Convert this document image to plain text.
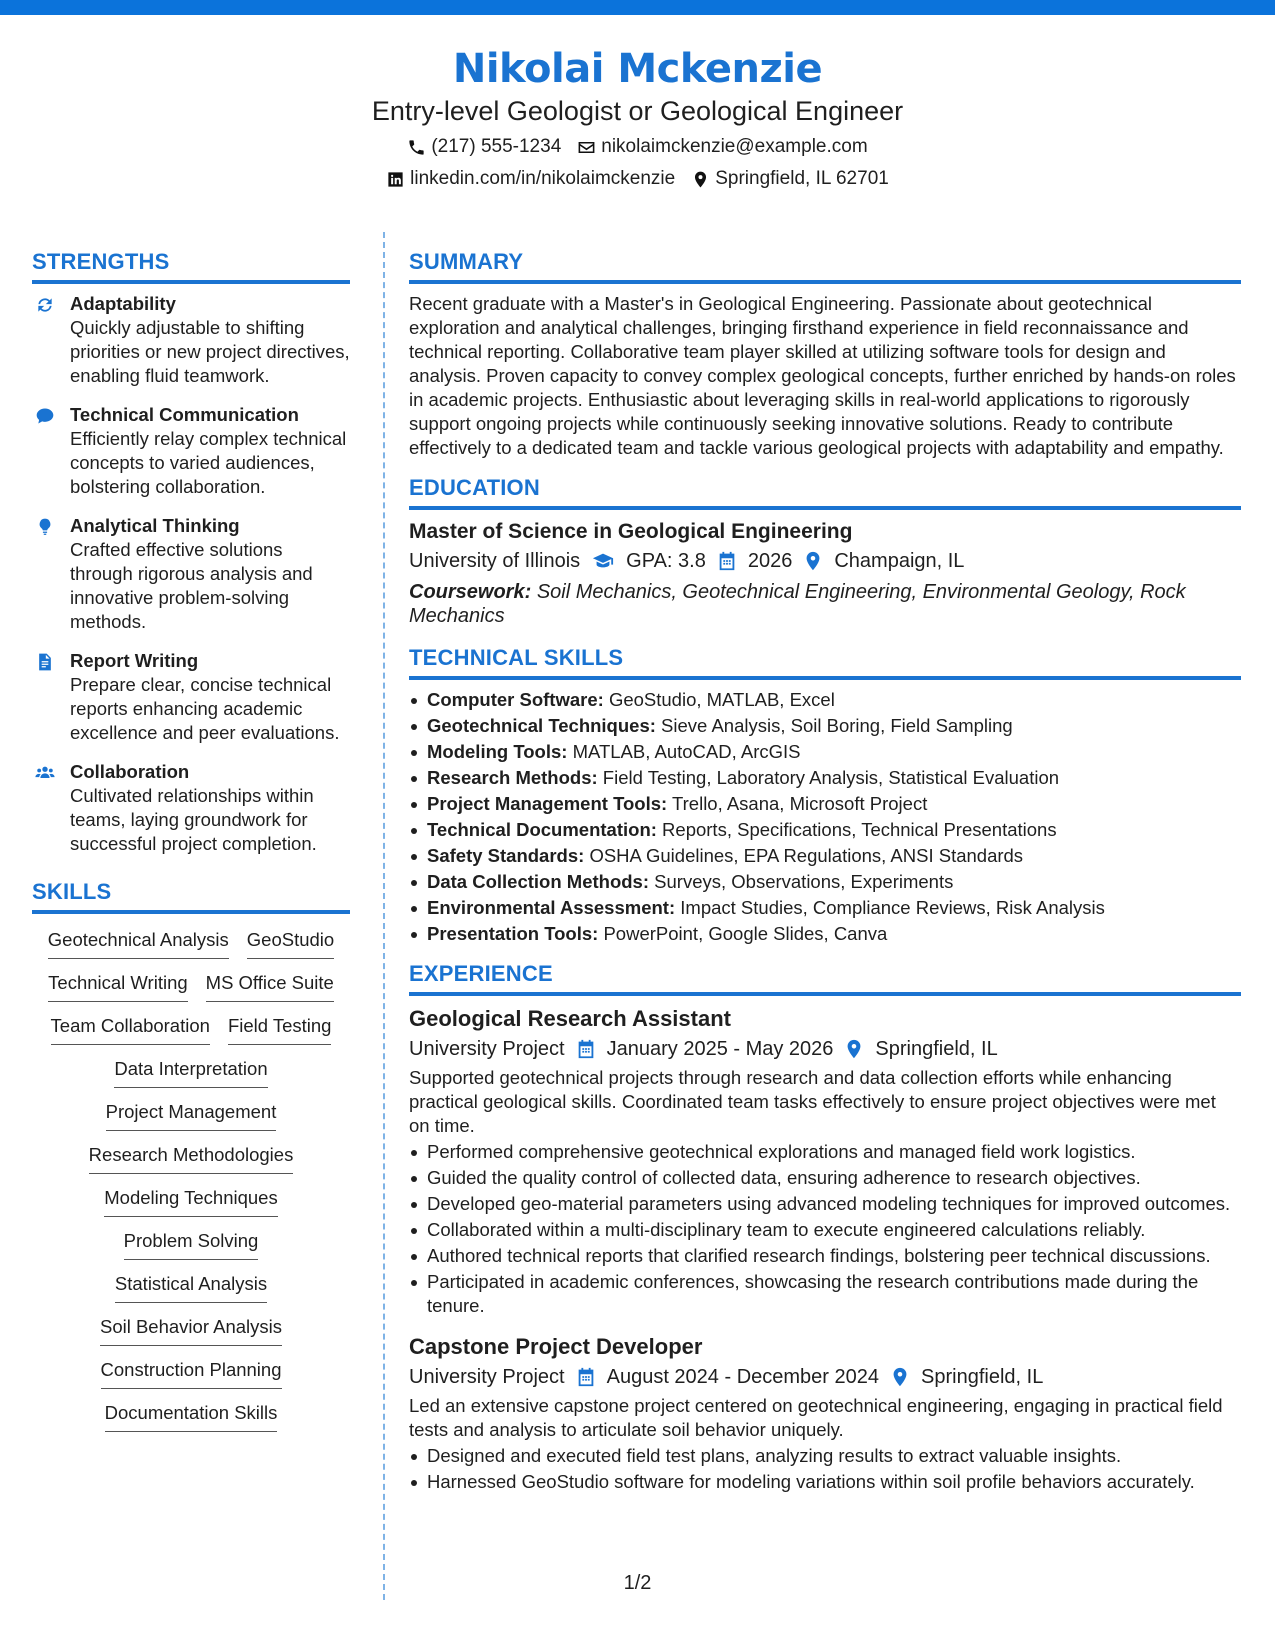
Nikolai Mckenzie
Entry-level Geologist or Geological Engineer
(217) 555-1234 nikolaimckenzie@example.com
linkedin.com/in/nikolaimckenzie Springfield, IL 62701
STRENGTHS
Adaptability
Quickly adjustable to shifting priorities or new project directives, enabling fluid teamwork.
Technical Communication
Efficiently relay complex technical concepts to varied audiences, bolstering collaboration.
Analytical Thinking
Crafted effective solutions through rigorous analysis and innovative problem-solving methods.
Report Writing
Prepare clear, concise technical reports enhancing academic excellence and peer evaluations.
Collaboration
Cultivated relationships within teams, laying groundwork for successful project completion.
SKILLS
Geotechnical Analysis GeoStudio
Technical Writing MS Office Suite
Team Collaboration Field Testing
Data Interpretation
Project Management
Research Methodologies
Modeling Techniques
Problem Solving
Statistical Analysis
Soil Behavior Analysis
Construction Planning
Documentation Skills
SUMMARY

Recent graduate with a Master's in Geological Engineering. Passionate about geotechnical exploration and analytical challenges, bringing firsthand experience in field reconnaissance and technical reporting. Collaborative team player skilled at utilizing software tools for design and analysis. Proven capacity to convey complex geological concepts, further enriched by hands-on roles in academic projects. Enthusiastic about leveraging skills in real-world applications to rigorously support ongoing projects while continuously seeking innovative solutions. Ready to contribute effectively to a dedicated team and tackle various geological projects with adaptability and empathy.

EDUCATION
Master of Science in Geological Engineering
University of Illinois GPA: 3.8 2026 Champaign, IL
Coursework: Soil Mechanics, Geotechnical Engineering, Environmental Geology, Rock Mechanics
TECHNICAL SKILLS
Computer Software: GeoStudio, MATLAB, Excel
Geotechnical Techniques: Sieve Analysis, Soil Boring, Field Sampling
Modeling Tools: MATLAB, AutoCAD, ArcGIS
Research Methods: Field Testing, Laboratory Analysis, Statistical Evaluation
Project Management Tools: Trello, Asana, Microsoft Project
Technical Documentation: Reports, Specifications, Technical Presentations
Safety Standards: OSHA Guidelines, EPA Regulations, ANSI Standards
Data Collection Methods: Surveys, Observations, Experiments
Environmental Assessment: Impact Studies, Compliance Reviews, Risk Analysis
Presentation Tools: PowerPoint, Google Slides, Canva
EXPERIENCE
Geological Research Assistant
University Project January 2025 - May 2026 Springfield, IL

Supported geotechnical projects through research and data collection efforts while enhancing practical geological skills. Coordinated team tasks effectively to ensure project objectives were met on time.

Performed comprehensive geotechnical explorations and managed field work logistics.
Guided the quality control of collected data, ensuring adherence to research objectives.
Developed geo-material parameters using advanced modeling techniques for improved outcomes.
Collaborated within a multi-disciplinary team to execute engineered calculations reliably.
Authored technical reports that clarified research findings, bolstering peer technical discussions.
Participated in academic conferences, showcasing the research contributions made during the tenure.
Capstone Project Developer
University Project August 2024 - December 2024 Springfield, IL

Led an extensive capstone project centered on geotechnical engineering, engaging in practical field tests and analysis to articulate soil behavior uniquely.

Designed and executed field test plans, analyzing results to extract valuable insights.
Harnessed GeoStudio software for modeling variations within soil profile behaviors accurately.
1/2
